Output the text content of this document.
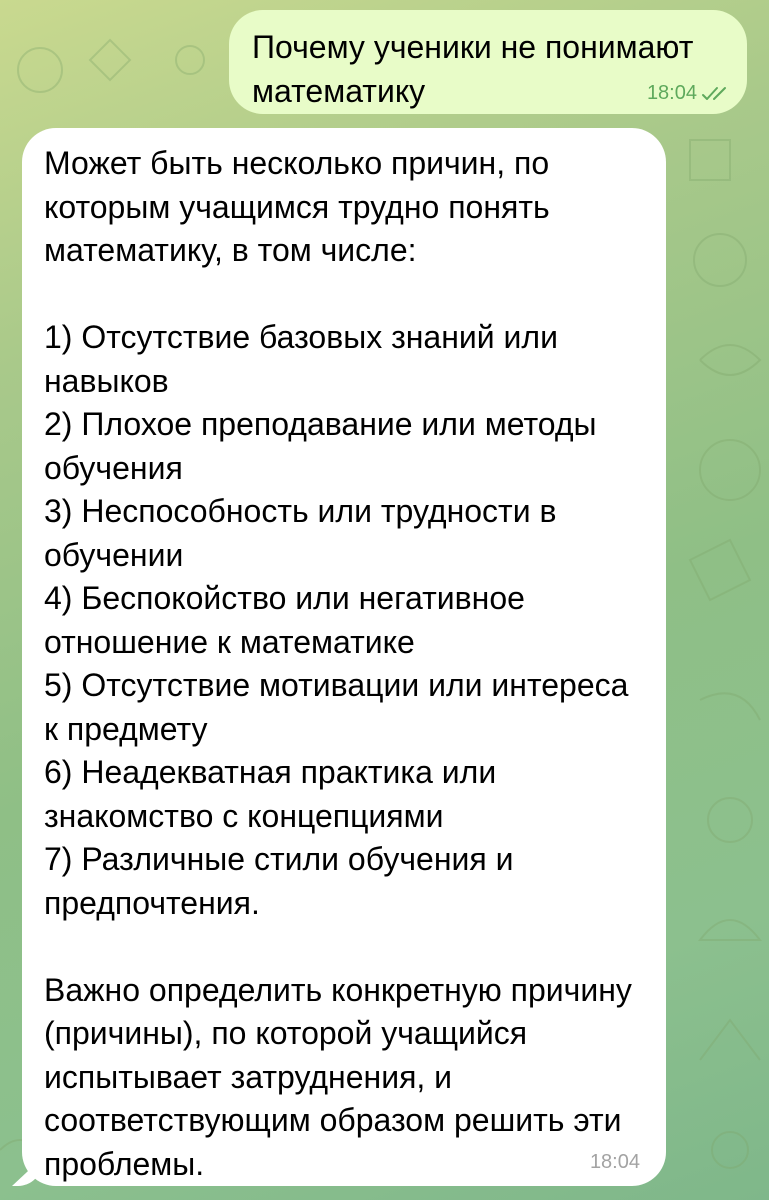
Почему ученики не понимают математику	18:04

Может быть несколько причин, по которым учащимся трудно понять математику, в том числе:

1) Отсутствие базовых знаний или навыков
2) Плохое преподавание или методы обучения
3) Неспособность или трудности в обучении
4) Беспокойство или негативное отношение к математике
5) Отсутствие мотивации или интереса к предмету
6) Неадекватная практика или знакомство с концепциями
7) Различные стили обучения и предпочтения.

Важно определить конкретную причину (причины), по которой учащийся испытывает затруднения, и соответствующим образом решить эти проблемы.	18:04
